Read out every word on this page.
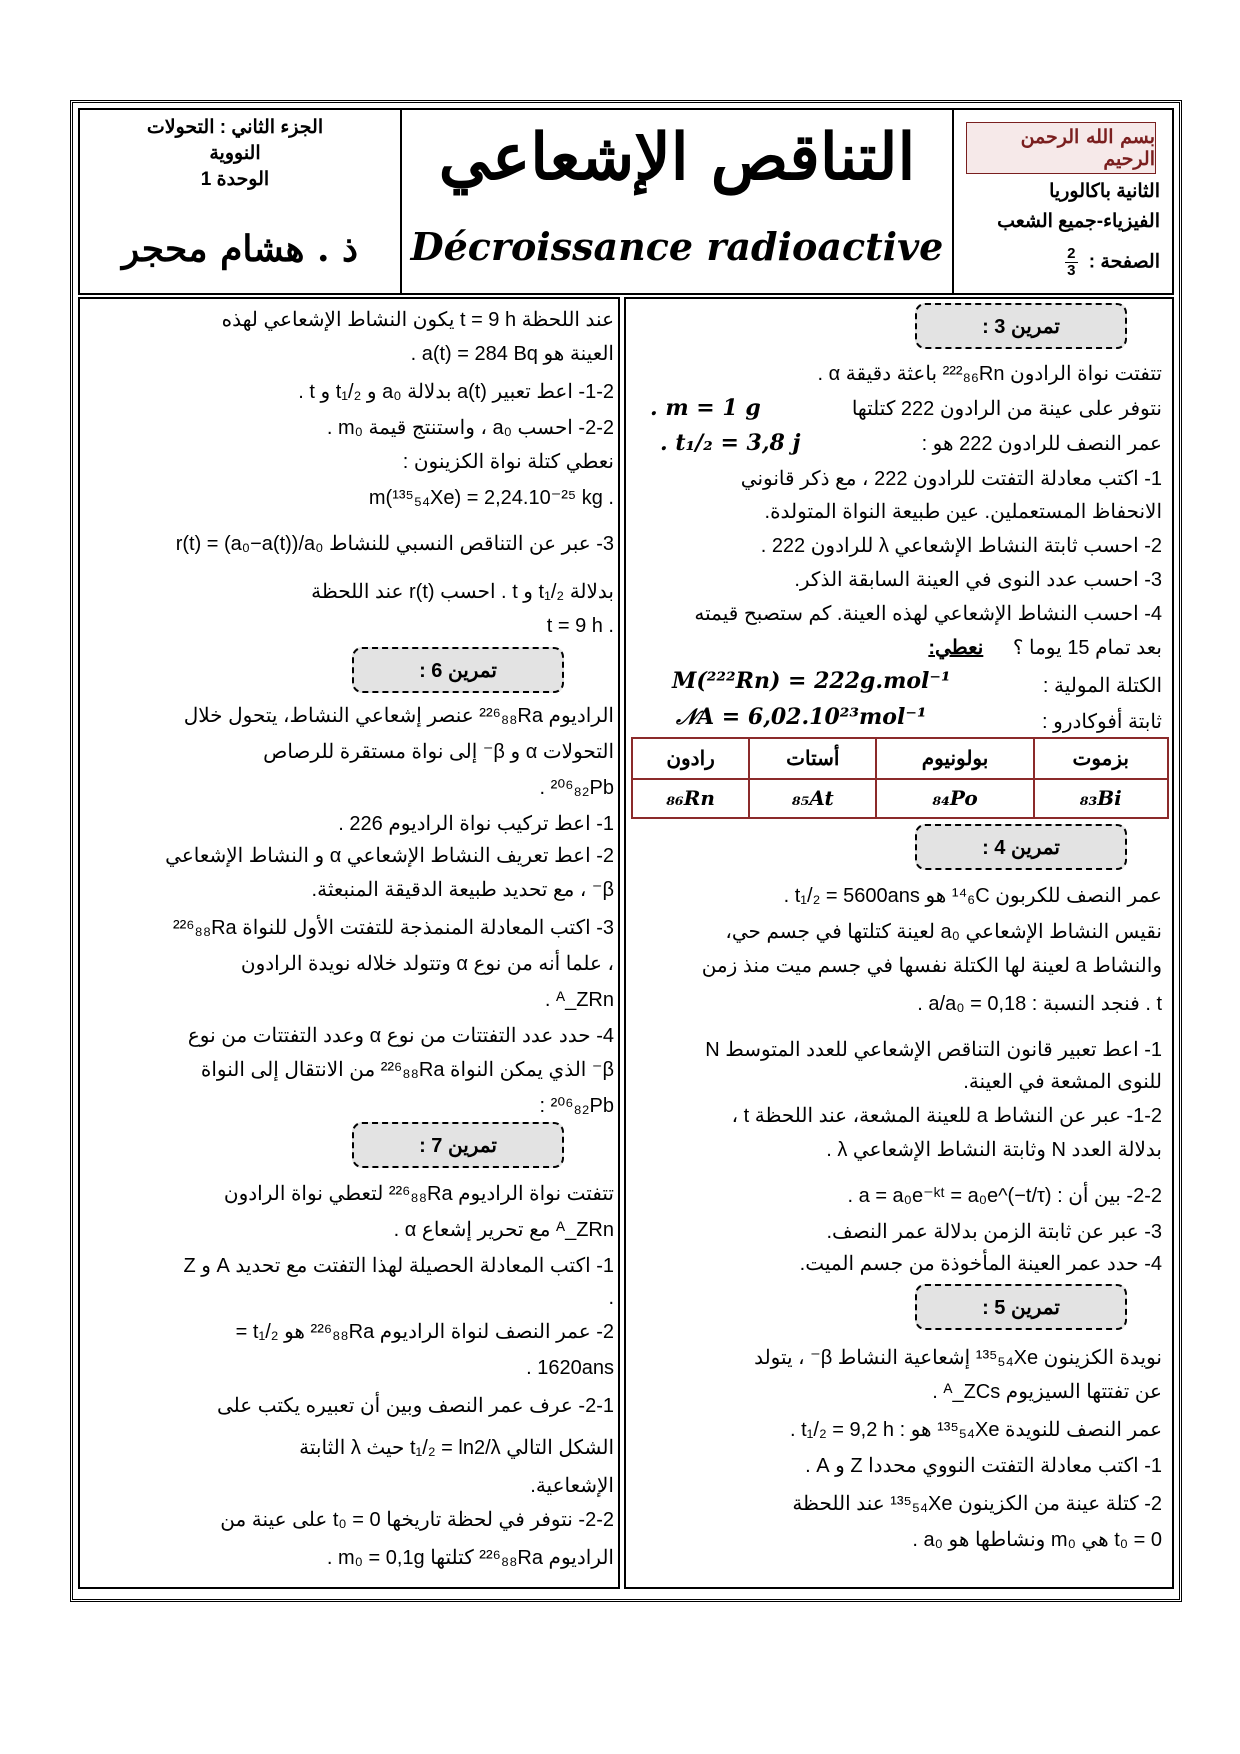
بسم الله الرحمن الرحيم
الثانية باكالوريا
الفيزياء-جميع الشعب
الصفحة :
$\frac{2}{3}$
التناقص الإشعاعي
Décroissance radioactive
الجزء الثاني : التحولات
النووية
الوحدة 1
ذ . هشام محجر
تمرين 3 :
تتفتت نواة الرادون ²²²₈₆Rn باعثة دقيقة α .
نتوفر على عينة من الرادون 222 كتلتها
. m = 1 g
عمر النصف للرادون 222 هو :
. t₁/₂ = 3,8 j
1- اكتب معادلة التفتت للرادون 222 ، مع ذكر قانوني
الانحفاظ المستعملين. عين طبيعة النواة المتولدة.
2- احسب ثابتة النشاط الإشعاعي λ للرادون 222 .
3- احسب عدد النوى في العينة السابقة الذكر.
4- احسب النشاط الإشعاعي لهذه العينة. كم ستصبح قيمته
بعد تمام 15 يوما ؟ نعطي:
الكتلة المولية :
M(²²²Rn) = 222g.mol⁻¹
ثابتة أفوكادرو :
𝒩A = 6,02.10²³mol⁻¹
بزموت	بولونيوم	أستات	رادون
₈₃Bi	₈₄Po	₈₅At	₈₆Rn
تمرين 4 :
عمر النصف للكربون ¹⁴₆C هو t₁/₂ = 5600ans .
نقيس النشاط الإشعاعي a₀ لعينة كتلتها في جسم حي،
والنشاط a لعينة لها الكتلة نفسها في جسم ميت منذ زمن
t . فنجد النسبة : a/a₀ = 0,18 .
1- اعط تعبير قانون التناقص الإشعاعي للعدد المتوسط N
للنوى المشعة في العينة.
1-2- عبر عن النشاط a للعينة المشعة، عند اللحظة t ،
بدلالة العدد N وثابتة النشاط الإشعاعي λ .
2-2- بين أن : a = a₀e⁻ᵏᵗ = a₀e^(−t/τ) .
3- عبر عن ثابتة الزمن بدلالة عمر النصف.
4- حدد عمر العينة المأخوذة من جسم الميت.
تمرين 5 :
نويدة الكزينون ¹³⁵₅₄Xe إشعاعية النشاط β⁻ ، يتولد
عن تفتتها السيزيوم ᴬ_ZCs .
عمر النصف للنويدة ¹³⁵₅₄Xe هو : t₁/₂ = 9,2 h .
1- اكتب معادلة التفتت النووي محددا Z و A .
2- كتلة عينة من الكزينون ¹³⁵₅₄Xe عند اللحظة
t₀ = 0 هي m₀ ونشاطها هو a₀ .
عند اللحظة t = 9 h يكون النشاط الإشعاعي لهذه
العينة هو a(t) = 284 Bq .
1-2- اعط تعبير a(t) بدلالة a₀ و t₁/₂ و t .
2-2- احسب a₀ ، واستنتج قيمة m₀ .
نعطي كتلة نواة الكزينون :
. m(¹³⁵₅₄Xe) = 2,24.10⁻²⁵ kg
3- عبر عن التناقص النسبي للنشاط r(t) = (a₀−a(t))/a₀
بدلالة t₁/₂ و t . احسب r(t) عند اللحظة
. t = 9 h
تمرين 6 :
الراديوم ²²⁶₈₈Ra عنصر إشعاعي النشاط، يتحول خلال
التحولات α و β⁻ إلى نواة مستقرة للرصاص
²⁰⁶₈₂Pb .
1- اعط تركيب نواة الراديوم 226 .
2- اعط تعريف النشاط الإشعاعي α و النشاط الإشعاعي
β⁻ ، مع تحديد طبيعة الدقيقة المنبعثة.
3- اكتب المعادلة المنمذجة للتفتت الأول للنواة ²²⁶₈₈Ra
، علما أنه من نوع α وتتولد خلاله نويدة الرادون
ᴬ_ZRn .
4- حدد عدد التفتتات من نوع α وعدد التفتتات من نوع
β⁻ الذي يمكن النواة ²²⁶₈₈Ra من الانتقال إلى النواة
²⁰⁶₈₂Pb :
تمرين 7 :
تتفتت نواة الراديوم ²²⁶₈₈Ra لتعطي نواة الرادون
ᴬ_ZRn مع تحرير إشعاع α .
1- اكتب المعادلة الحصيلة لهذا التفتت مع تحديد A و Z
.
2- عمر النصف لنواة الراديوم ²²⁶₈₈Ra هو t₁/₂ =
1620ans .
2-1- عرف عمر النصف وبين أن تعبيره يكتب على
الشكل التالي t₁/₂ = ln2/λ حيث λ الثابتة
الإشعاعية.
2-2- نتوفر في لحظة تاريخها t₀ = 0 على عينة من
الراديوم ²²⁶₈₈Ra كتلتها m₀ = 0,1g .
